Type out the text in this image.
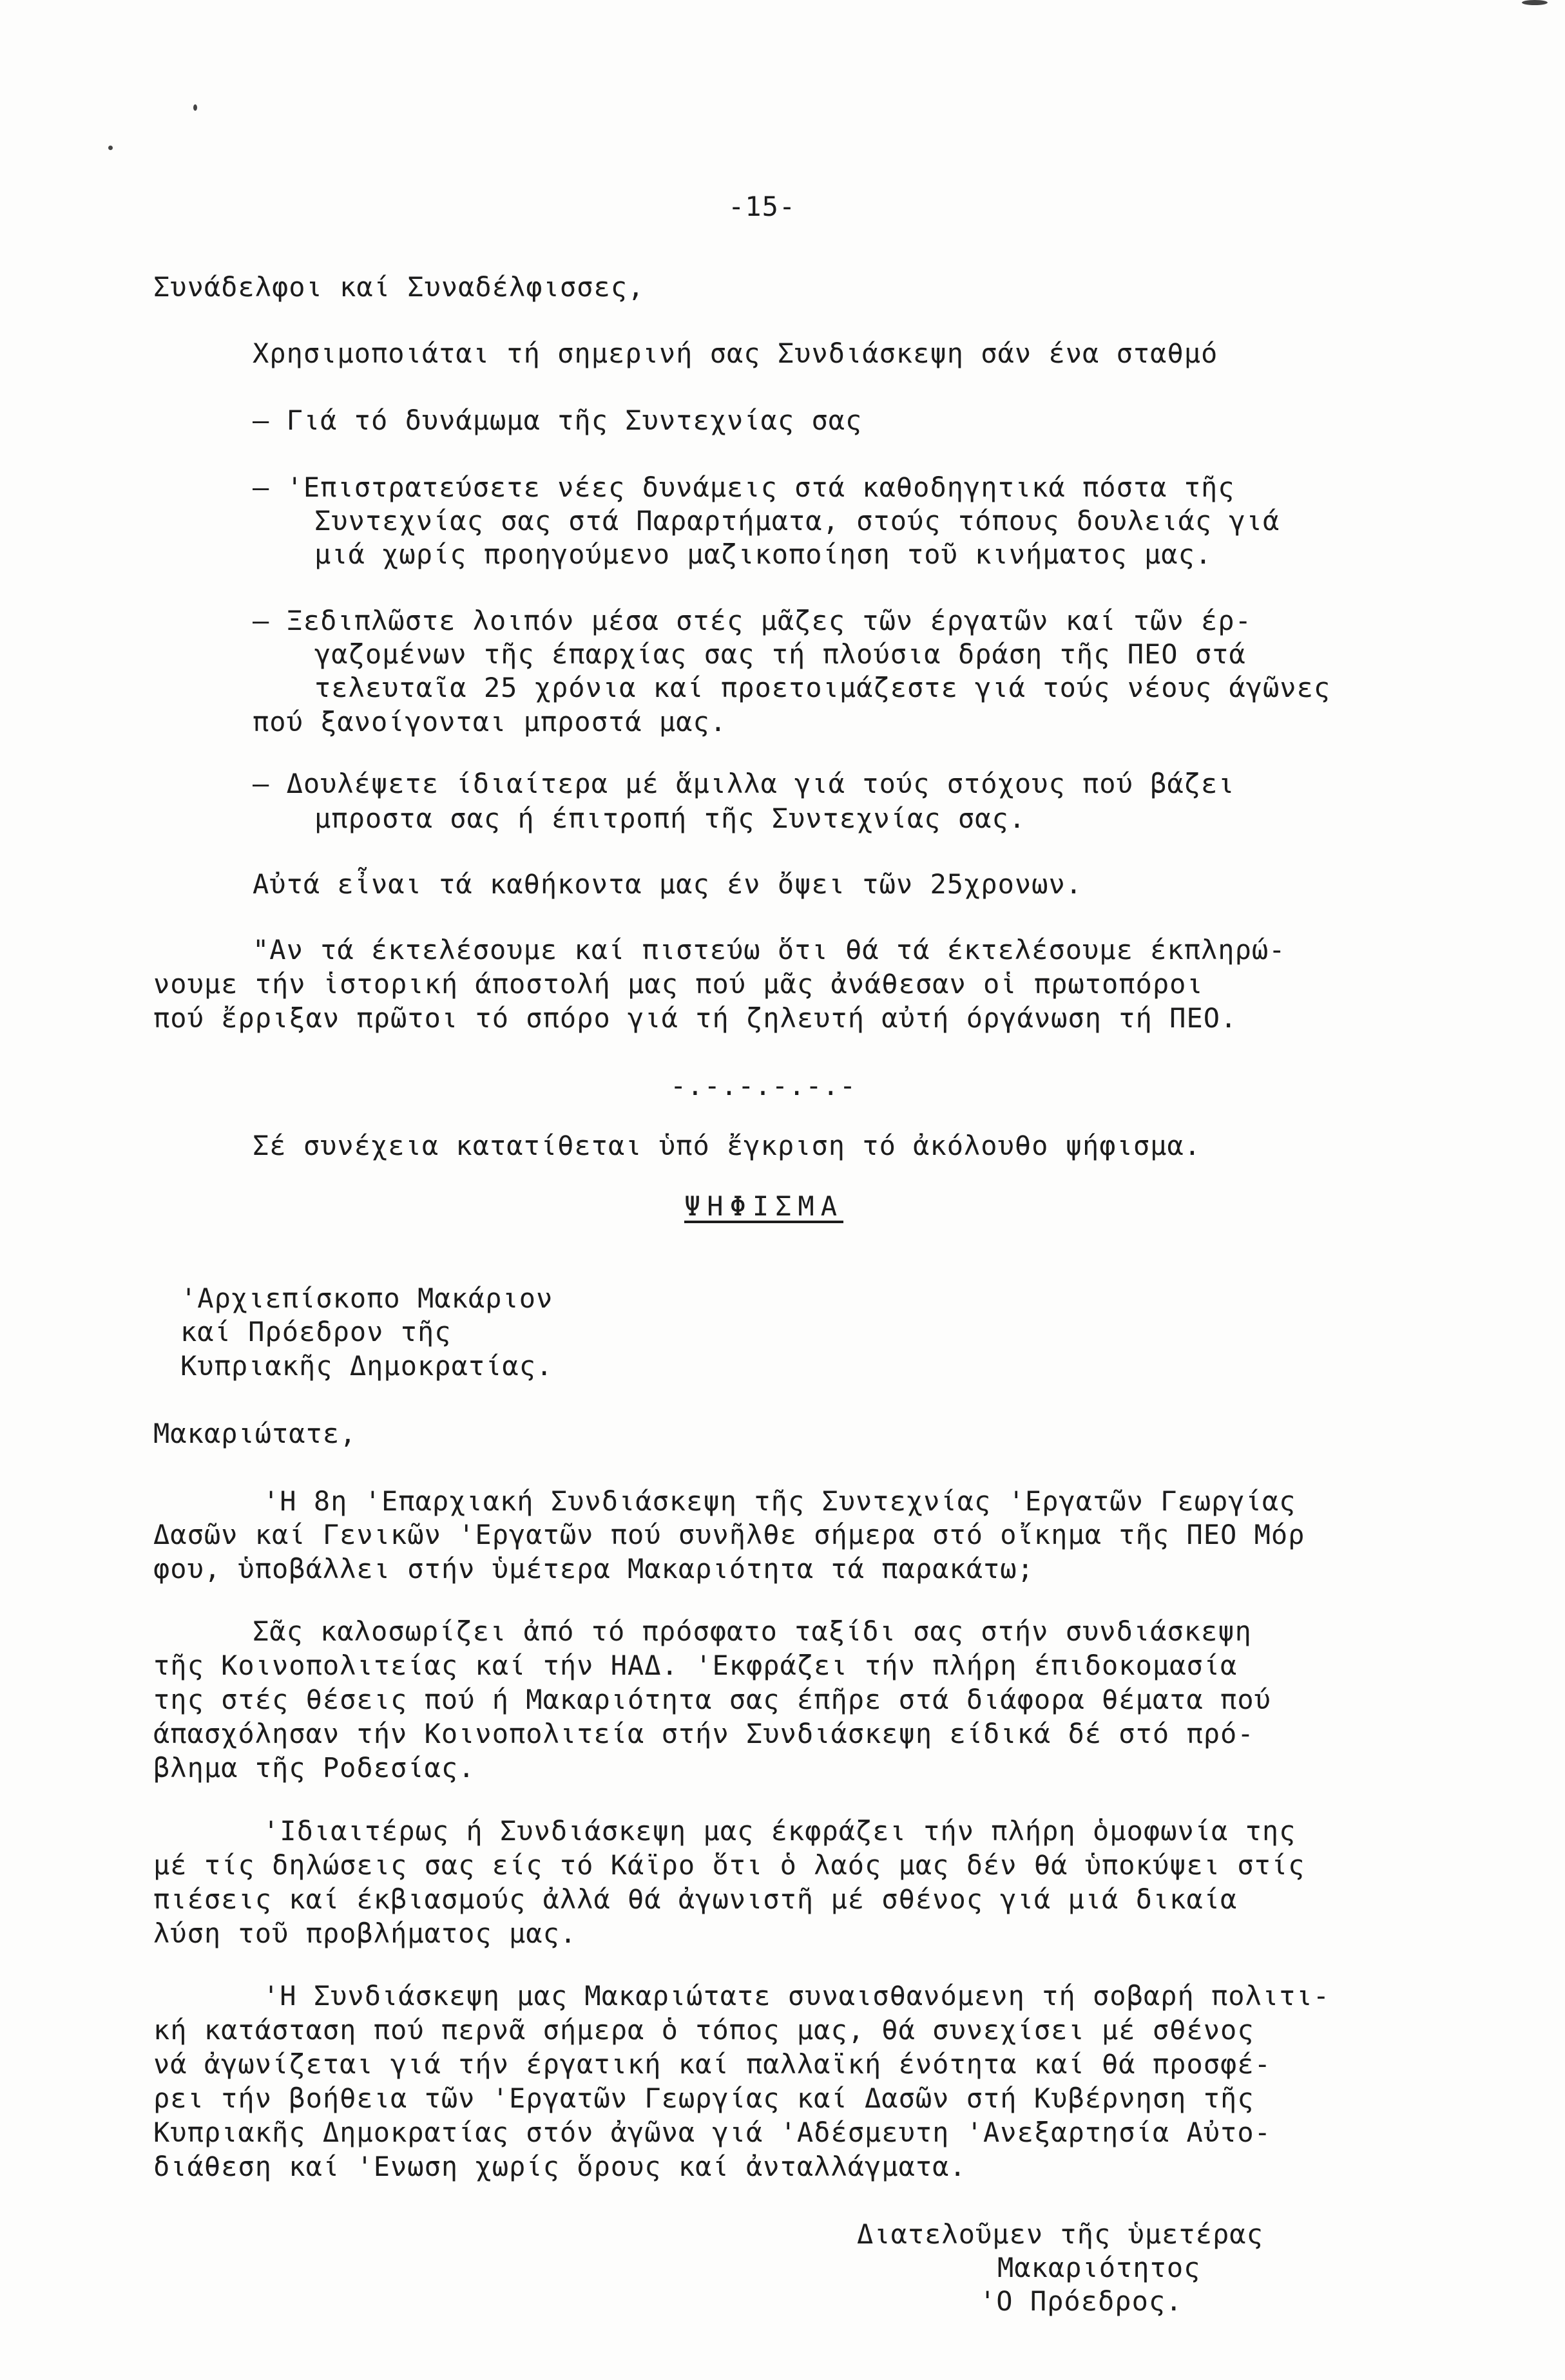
-15-
Συνάδελφοι καί Συναδέλφισσες,
Χρησιμοποιάται τή σημερινή σας Συνδιάσκεψη σάν ένα σταθμό
— Γιά τό δυνάμωμα τῆς Συντεχνίας σας
— 'Επιστρατεύσετε νέες δυνάμεις στά καθοδηγητικά πόστα τῆς
Συντεχνίας σας στά Παραρτήματα, στούς τόπους δουλειάς γιά
μιά χωρίς προηγούμενο μαζικοποίηση τοῦ κινήματος μας.
— Ξεδιπλῶστε λοιπόν μέσα στές μᾶζες τῶν έργατῶν καί τῶν έρ-
γαζομένων τῆς έπαρχίας σας τή πλούσια δράση τῆς ΠΕΟ στά
τελευταῖα 25 χρόνια καί προετοιμάζεστε γιά τούς νέους άγῶνες
πού ξανοίγονται μπροστά μας.
— Δουλέψετε ίδιαίτερα μέ ἅμιλλα γιά τούς στόχους πού βάζει
μπροστα σας ή έπιτροπή τῆς Συντεχνίας σας.
Αὐτά εἶναι τά καθήκοντα μας έν ὄψει τῶν 25χρονων.
"Αν τά έκτελέσουμε καί πιστεύω ὅτι θά τά έκτελέσουμε έκπληρώ-
νουμε τήν ἱστορική άποστολή μας πού μᾶς ἀνάθεσαν οἱ πρωτοπόροι
πού ἔρριξαν πρῶτοι τό σπόρο γιά τή ζηλευτή αὐτή όργάνωση τή ΠΕΟ.
-.-.-.-.-.-
Σέ συνέχεια κατατίθεται ὑπό ἔγκριση τό ἀκόλουθο ψήφισμα.
ΨΗΦΙΣΜΑ
'Αρχιεπίσκοπο Μακάριον
καί Πρόεδρον τῆς
Κυπριακῆς Δημοκρατίας.
Μακαριώτατε,
'Η 8η 'Επαρχιακή Συνδιάσκεψη τῆς Συντεχνίας 'Εργατῶν Γεωργίας
Δασῶν καί Γενικῶν 'Εργατῶν πού συνῆλθε σήμερα στό οἴκημα τῆς ΠΕΟ Μόρ
φου, ὑποβάλλει στήν ὑμέτερα Μακαριότητα τά παρακάτω;
Σᾶς καλοσωρίζει ἀπό τό πρόσφατο ταξίδι σας στήν συνδιάσκεψη
τῆς Κοινοπολιτείας καί τήν ΗΑΔ. 'Εκφράζει τήν πλήρη έπιδοκομασία
της στές θέσεις πού ή Μακαριότητα σας έπῆρε στά διάφορα θέματα πού
άπασχόλησαν τήν Κοινοπολιτεία στήν Συνδιάσκεψη είδικά δέ στό πρό-
βλημα τῆς Ροδεσίας.
'Ιδιαιτέρως ή Συνδιάσκεψη μας έκφράζει τήν πλήρη ὁμοφωνία της
μέ τίς δηλώσεις σας είς τό Κάϊρο ὅτι ὁ λαός μας δέν θά ὑποκύψει στίς
πιέσεις καί έκβιασμούς ἀλλά θά ἀγωνιστῆ μέ σθένος γιά μιά δικαία
λύση τοῦ προβλήματος μας.
'Η Συνδιάσκεψη μας Μακαριώτατε συναισθανόμενη τή σοβαρή πολιτι-
κή κατάσταση πού περνᾶ σήμερα ὁ τόπος μας, θά συνεχίσει μέ σθένος
νά ἀγωνίζεται γιά τήν έργατική καί παλλαϊκή ένότητα καί θά προσφέ-
ρει τήν βοήθεια τῶν 'Εργατῶν Γεωργίας καί Δασῶν στή Κυβέρνηση τῆς
Κυπριακῆς Δημοκρατίας στόν ἀγῶνα γιά 'Αδέσμευτη 'Ανεξαρτησία Αὐτο-
διάθεση καί 'Ενωση χωρίς ὅρους καί ἀνταλλάγματα.
Διατελοῦμεν τῆς ὑμετέρας
Μακαριότητος
'Ο Πρόεδρος.
